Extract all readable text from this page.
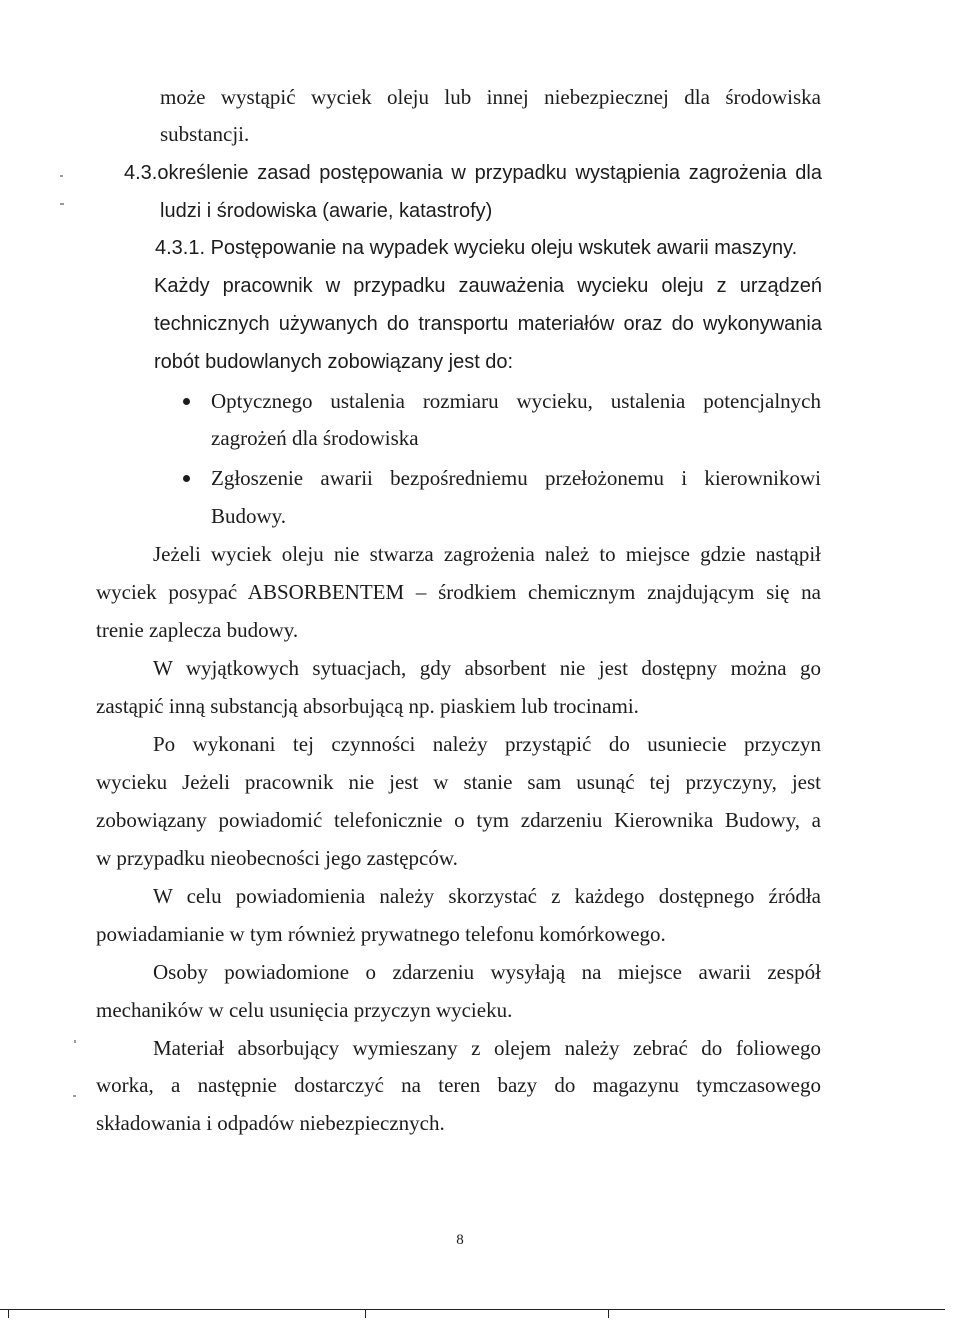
może wystąpić wyciek oleju lub innej niebezpiecznej dla środowiska

substancji.

4.3.określenie zasad postępowania w przypadku wystąpienia zagrożenia dla

ludzi i środowiska (awarie, katastrofy)

4.3.1. Postępowanie na wypadek wycieku oleju wskutek awarii maszyny.

Każdy pracownik w przypadku zauważenia wycieku oleju z urządzeń

technicznych używanych do transportu materiałów oraz do wykonywania

robót budowlanych zobowiązany jest do:

Optycznego ustalenia rozmiaru wycieku, ustalenia potencjalnych

zagrożeń dla środowiska

Zgłoszenie awarii bezpośredniemu przełożonemu i kierownikowi

Budowy.

Jeżeli wyciek oleju nie stwarza zagrożenia należ to miejsce gdzie nastąpił

wyciek posypać ABSORBENTEM – środkiem chemicznym znajdującym się na

trenie zaplecza budowy.

W wyjątkowych sytuacjach, gdy absorbent nie jest dostępny można go

zastąpić inną substancją absorbującą np. piaskiem lub trocinami.

Po wykonani tej czynności należy przystąpić do usuniecie przyczyn

wycieku Jeżeli pracownik nie jest w stanie sam usunąć tej przyczyny, jest

zobowiązany powiadomić telefonicznie o tym zdarzeniu Kierownika Budowy, a

w przypadku nieobecności jego zastępców.

W celu powiadomienia należy skorzystać z każdego dostępnego źródła

powiadamianie w tym również prywatnego telefonu komórkowego.

Osoby powiadomione o zdarzeniu wysyłają na miejsce awarii zespół

mechaników w celu usunięcia przyczyn wycieku.

Materiał absorbujący wymieszany z olejem należy zebrać do foliowego

worka, a następnie dostarczyć na teren bazy do magazynu tymczasowego

składowania i odpadów niebezpiecznych.

8
